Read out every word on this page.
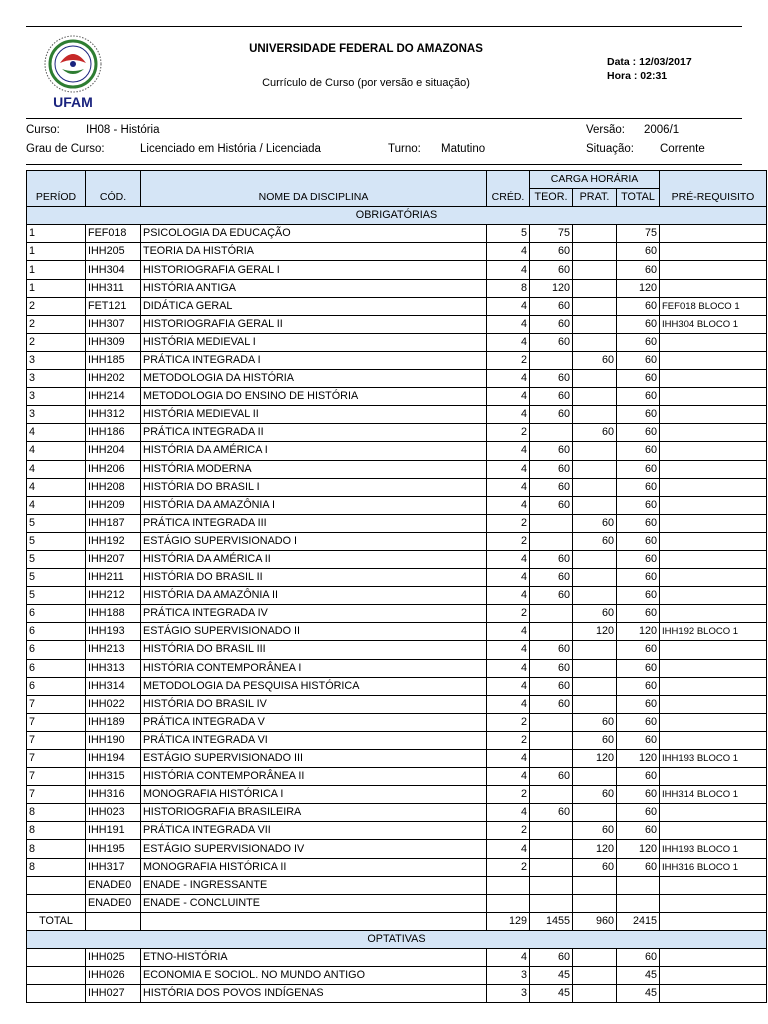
UFAM
UNIVERSIDADE FEDERAL DO AMAZONAS
Currículo de Curso (por versão e situação)
Data : 12/03/2017
Hora : 02:31
Curso: IH08 - História	Versão: 2006/1
Grau de Curso:	Licenciado em História / Licenciada	Turno: Matutino	Situação: Corrente
PERÍOD	CÓD.	NOME DA DISCIPLINA	CRÉD.	CARGA HORÁRIA			PRÉ-REQUISITO
				TEOR.	PRAT.	TOTAL	
OBRIGATÓRIAS							
1	FEF018	PSICOLOGIA DA EDUCAÇÃO	5	75		75	
1	IHH205	TEORIA DA HISTÓRIA	4	60		60	
1	IHH304	HISTORIOGRAFIA GERAL I	4	60		60	
1	IHH311	HISTÓRIA ANTIGA	8	120		120	
2	FET121	DIDÁTICA GERAL	4	60		60	FEF018 BLOCO 1
2	IHH307	HISTORIOGRAFIA GERAL II	4	60		60	IHH304 BLOCO 1
2	IHH309	HISTÓRIA MEDIEVAL I	4	60		60	
3	IHH185	PRÁTICA INTEGRADA I	2		60	60	
3	IHH202	METODOLOGIA DA HISTÓRIA	4	60		60	
3	IHH214	METODOLOGIA DO ENSINO DE HISTÓRIA	4	60		60	
3	IHH312	HISTÓRIA MEDIEVAL II	4	60		60	
4	IHH186	PRÁTICA INTEGRADA II	2		60	60	
4	IHH204	HISTÓRIA DA AMÉRICA I	4	60		60	
4	IHH206	HISTÓRIA MODERNA	4	60		60	
4	IHH208	HISTÓRIA DO BRASIL I	4	60		60	
4	IHH209	HISTÓRIA DA AMAZÔNIA I	4	60		60	
5	IHH187	PRÁTICA INTEGRADA III	2		60	60	
5	IHH192	ESTÁGIO SUPERVISIONADO I	2		60	60	
5	IHH207	HISTÓRIA DA AMÉRICA II	4	60		60	
5	IHH211	HISTÓRIA DO BRASIL II	4	60		60	
5	IHH212	HISTÓRIA DA AMAZÔNIA II	4	60		60	
6	IHH188	PRÁTICA INTEGRADA IV	2		60	60	
6	IHH193	ESTÁGIO SUPERVISIONADO II	4		120	120	IHH192 BLOCO 1
6	IHH213	HISTÓRIA DO BRASIL III	4	60		60	
6	IHH313	HISTÓRIA CONTEMPORÂNEA I	4	60		60	
6	IHH314	METODOLOGIA DA PESQUISA HISTÓRICA	4	60		60	
7	IHH022	HISTÓRIA DO BRASIL IV	4	60		60	
7	IHH189	PRÁTICA INTEGRADA V	2		60	60	
7	IHH190	PRÁTICA INTEGRADA VI	2		60	60	
7	IHH194	ESTÁGIO SUPERVISIONADO III	4		120	120	IHH193 BLOCO 1
7	IHH315	HISTÓRIA CONTEMPORÂNEA II	4	60		60	
7	IHH316	MONOGRAFIA HISTÓRICA I	2		60	60	IHH314 BLOCO 1
8	IHH023	HISTORIOGRAFIA BRASILEIRA	4	60		60	
8	IHH191	PRÁTICA INTEGRADA VII	2		60	60	
8	IHH195	ESTÁGIO SUPERVISIONADO IV	4		120	120	IHH193 BLOCO 1
8	IHH317	MONOGRAFIA HISTÓRICA II	2		60	60	IHH316 BLOCO 1
	ENADE0	ENADE - INGRESSANTE					
	ENADE0	ENADE - CONCLUINTE					
TOTAL			129	1455	960	2415	
OPTATIVAS							
	IHH025	ETNO-HISTÓRIA	4	60		60	
	IHH026	ECONOMIA E SOCIOL. NO MUNDO ANTIGO	3	45		45	
	IHH027	HISTÓRIA DOS POVOS INDÍGENAS	3	45		45	
